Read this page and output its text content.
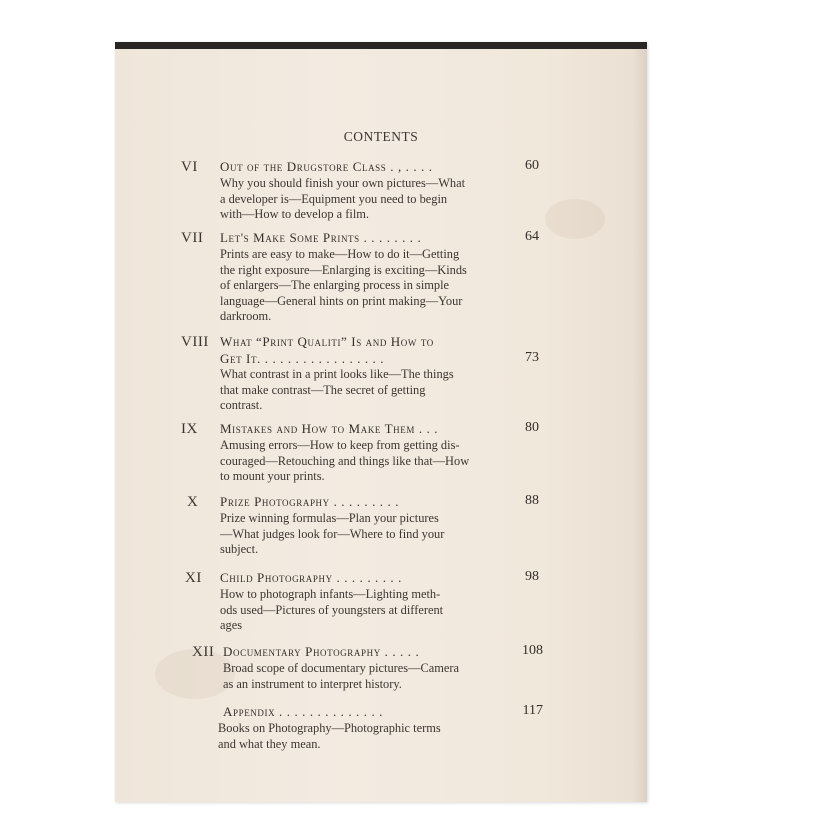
CONTENTS
VI Out of the Drugstore Class . , . . . .	60
Why you should finish your own pictures—What
a developer is—Equipment you need to begin
with—How to develop a film.
VII Let's Make Some Prints . . . . . . . .	64
Prints are easy to make—How to do it—Getting
the right exposure—Enlarging is exciting—Kinds
of enlargers—The enlarging process in simple
language—General hints on print making—Your
darkroom.
VIII What “Print Qualitı” Is and How to
Get It. . . . . . . . . . . . . . . . .	73
What contrast in a print looks like—The things
that make contrast—The secret of getting
contrast.
IX Mistakes and How to Make Them . . .	80
Amusing errors—How to keep from getting dis-
couraged—Retouching and things like that—How
to mount your prints.
X Prize Photography . . . . . . . . .	88
Prize winning formulas—Plan your pictures
—What judges look for—Where to find your
subject.
XI Child Photography . . . . . . . . .	98
How to photograph infants—Lighting meth-
ods used—Pictures of youngsters at different
ages
XII Documentary Photography . . . . .	108
Broad scope of documentary pictures—Camera
as an instrument to interpret history.
Appendix . . . . . . . . . . . . . .	117
Books on Photography—Photographic terms
and what they mean.
